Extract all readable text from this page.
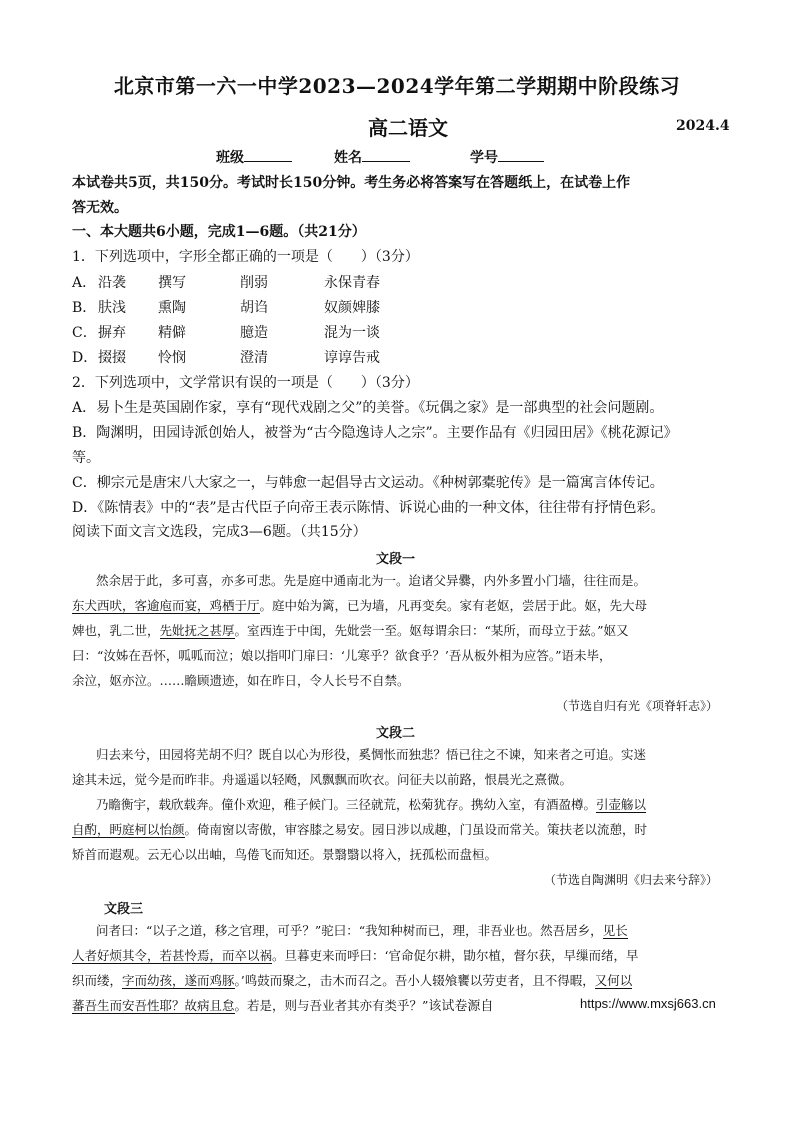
北京市第一六一中学2023—2024学年第二学期期中阶段练习
高二语文	2024.4
班级	姓名	学号
本试卷共5页，共150分。考试时长150分钟。考生务必将答案写在答题纸上，在试卷上作
答无效。
一、本大题共6小题，完成1—6题。（共21分）
1．下列选项中，字形全都正确的一项是（　　）（3分）
A． 沿袭 撰写	削弱	永保青春
B． 肤浅 熏陶	胡诌	奴颜婢膝
C． 摒弃 精僻	臆造	混为一谈
D． 掇掇 怜悯	澄清	谆谆告戒
2．下列选项中，文学常识有误的一项是（　　）（3分）
A．易卜生是英国剧作家，享有“现代戏剧之父”的美誉。《玩偶之家》是一部典型的社会问题剧。
B．陶渊明，田园诗派创始人，被誉为“古今隐逸诗人之宗”。主要作品有《归园田居》《桃花源记》
等。
C．柳宗元是唐宋八大家之一，与韩愈一起倡导古文运动。《种树郭橐驼传》是一篇寓言体传记。
D．《陈情表》中的“表”是古代臣子向帝王表示陈情、诉说心曲的一种文体，往往带有抒情色彩。
阅读下面文言文选段，完成3—6题。（共15分）
文段一
然余居于此，多可喜，亦多可悲。先是庭中通南北为一。迨诸父异爨，内外多置小门墙，往往而是。
东犬西吠，客逾庖而宴，鸡栖于厅。庭中始为篱，已为墙，凡再变矣。家有老妪，尝居于此。妪，先大母
婢也，乳二世，先妣抚之甚厚。室西连于中闺，先妣尝一至。妪每谓余曰：“某所，而母立于兹。”妪又
曰：“汝姊在吾怀，呱呱而泣；娘以指叩门扉曰：‘儿寒乎？欲食乎？’吾从板外相为应答。”语未毕，
余泣，妪亦泣。……瞻顾遗迹，如在昨日，令人长号不自禁。
（节选自归有光《项脊轩志》）
文段二
归去来兮，田园将芜胡不归？既自以心为形役，奚惆怅而独悲？悟已往之不谏，知来者之可追。实迷
途其未远，觉今是而昨非。舟遥遥以轻飏，风飘飘而吹衣。问征夫以前路，恨晨光之熹微。
乃瞻衡宇，载欣载奔。僮仆欢迎，稚子候门。三径就荒，松菊犹存。携幼入室，有酒盈樽。引壶觞以
自酌，眄庭柯以怡颜。倚南窗以寄傲，审容膝之易安。园日涉以成趣，门虽设而常关。策扶老以流憩，时
矫首而遐观。云无心以出岫，鸟倦飞而知还。景翳翳以将入，抚孤松而盘桓。
（节选自陶渊明《归去来兮辞》）
文段三
问者曰：“以子之道，移之官理，可乎？”驼曰：“我知种树而已，理，非吾业也。然吾居乡，见长
人者好烦其令，若甚怜焉，而卒以祸。旦暮吏来而呼曰：‘官命促尔耕，勖尔植，督尔获，早缫而绪，早
织而缕，字而幼孩，遂而鸡豚。’鸣鼓而聚之，击木而召之。吾小人辍飧饔以劳吏者，且不得暇，又何以
蕃吾生而安吾性耶？故病且怠。若是，则与吾业者其亦有类乎？”该试卷源自	https://www.mxsj663.cn
